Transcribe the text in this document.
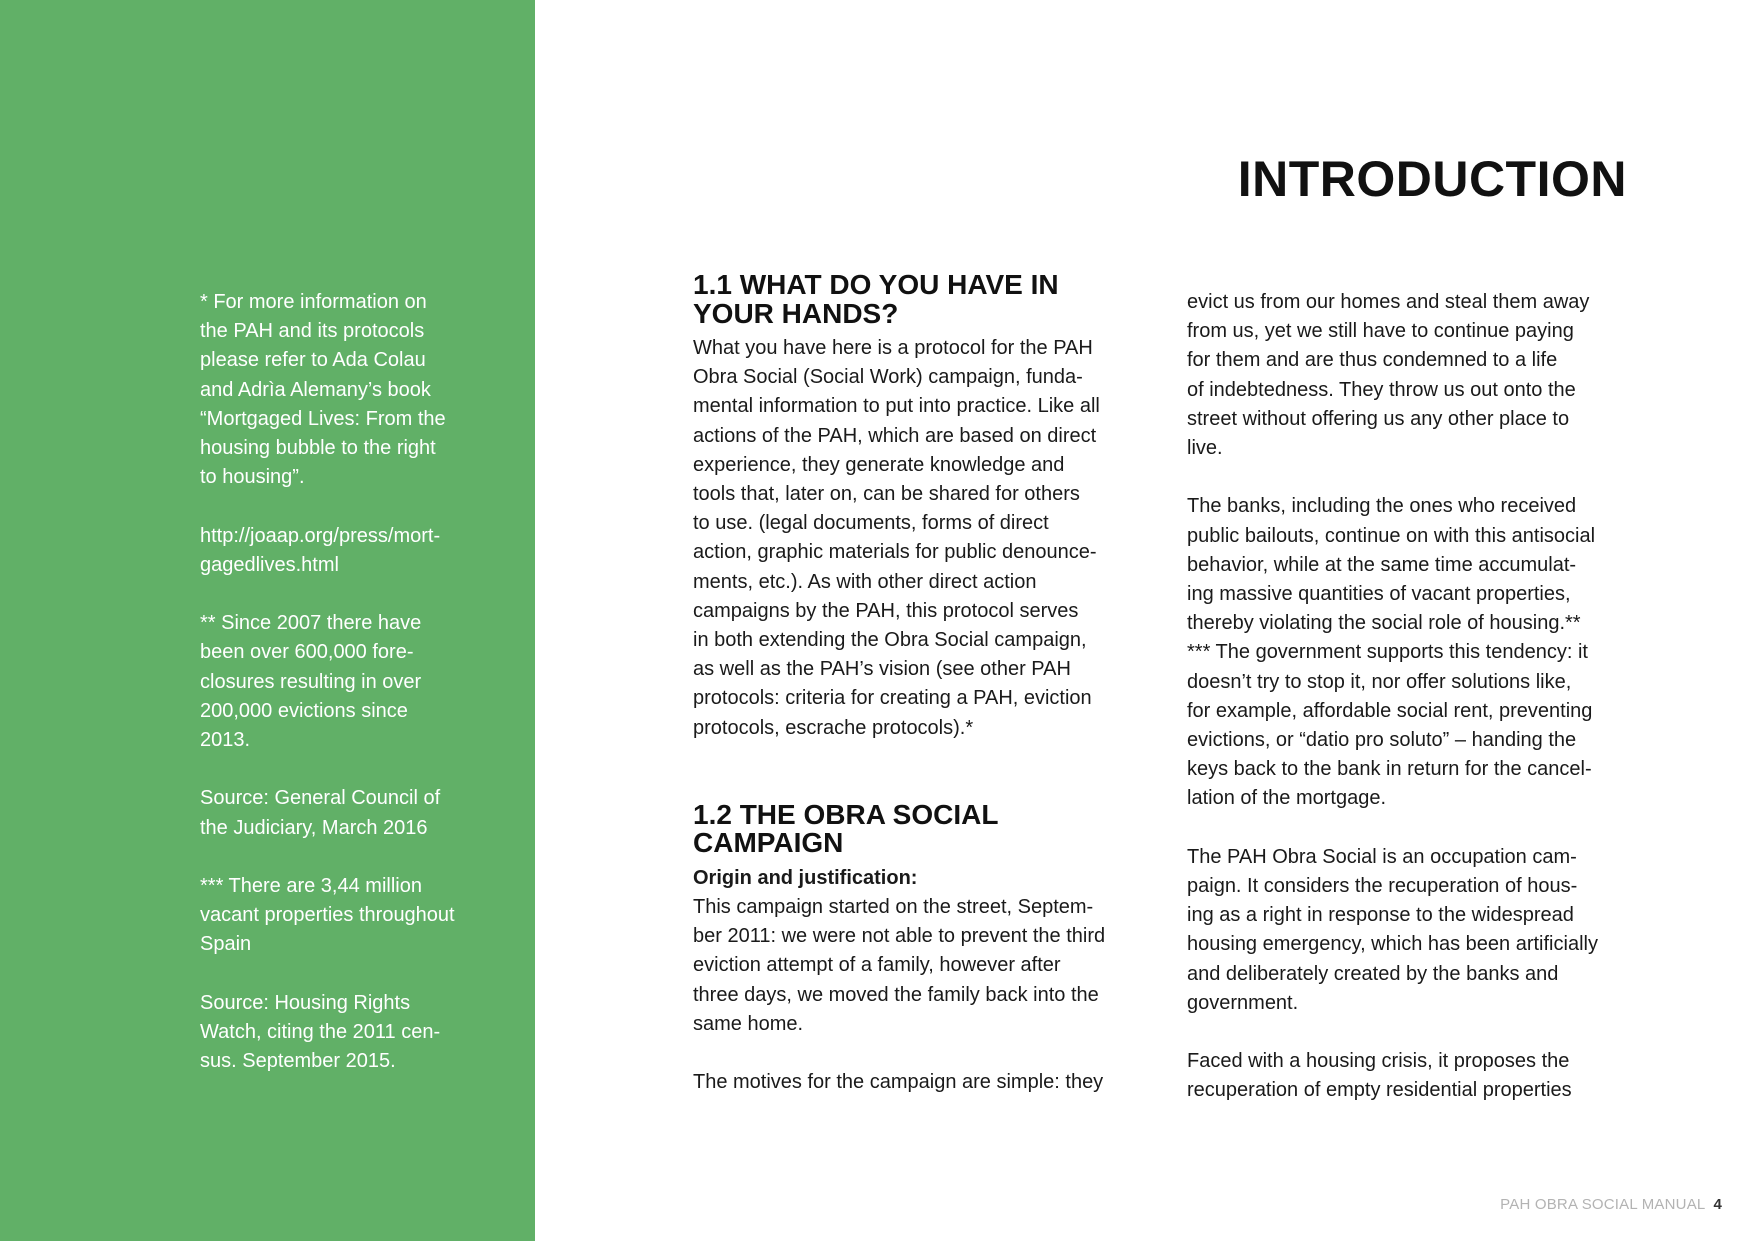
* For more information on
the PAH and its protocols
please refer to Ada Colau
and Adrìa Alemany’s book
“Mortgaged Lives: From the
housing bubble to the right
to housing”.

http://joaap.org/press/mort-
gagedlives.html

** Since 2007 there have
been over 600,000 fore-
closures resulting in over
200,000 evictions since
2013.

Source: General Council of
the Judiciary, March 2016

*** There are 3,44 million
vacant properties throughout
Spain

Source: Housing Rights
Watch, citing the 2011 cen-
sus. September 2015.

INTRODUCTION
1.1 WHAT DO YOU HAVE IN
YOUR HANDS?

What you have here is a protocol for the PAH
Obra Social (Social Work) campaign, funda-
mental information to put into practice. Like all
actions of the PAH, which are based on direct
experience, they generate knowledge and
tools that, later on, can be shared for others
to use. (legal documents, forms of direct
action, graphic materials for public denounce-
ments, etc.). As with other direct action
campaigns by the PAH, this protocol serves
in both extending the Obra Social campaign,
as well as the PAH’s vision (see other PAH
protocols: criteria for creating a PAH, eviction
protocols, escrache protocols).*

1.2 THE OBRA SOCIAL
CAMPAIGN

Origin and justification:

This campaign started on the street, Septem-
ber 2011: we were not able to prevent the third
eviction attempt of a family, however after
three days, we moved the family back into the
same home.

The motives for the campaign are simple: they

evict us from our homes and steal them away
from us, yet we still have to continue paying
for them and are thus condemned to a life
of indebtedness. They throw us out onto the
street without offering us any other place to
live.

The banks, including the ones who received
public bailouts, continue on with this antisocial
behavior, while at the same time accumulat-
ing massive quantities of vacant properties,
thereby violating the social role of housing.**
*** The government supports this tendency: it
doesn’t try to stop it, nor offer solutions like,
for example, affordable social rent, preventing
evictions, or “datio pro soluto” – handing the
keys back to the bank in return for the cancel-
lation of the mortgage.

The PAH Obra Social is an occupation cam-
paign. It considers the recuperation of hous-
ing as a right in response to the widespread
housing emergency, which has been artificially
and deliberately created by the banks and
government.

Faced with a housing crisis, it proposes the
recuperation of empty residential properties

PAH OBRA SOCIAL MANUAL 4
